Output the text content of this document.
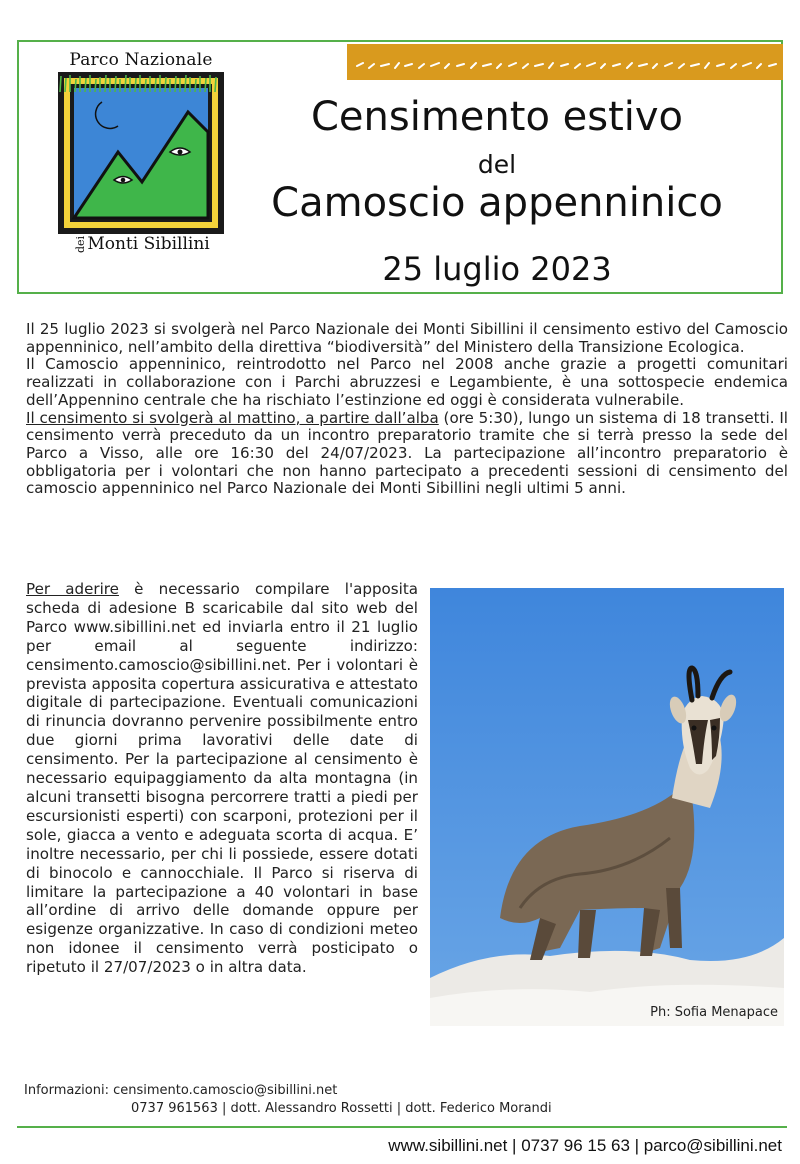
Parco Nazionale
deiMonti Sibillini
Censimento estivo
del
Camoscio appenninico
25 luglio 2023

Il 25 luglio 2023 si svolgerà nel Parco Nazionale dei Monti Sibillini il censimento estivo del Camoscio appenninico, nell’ambito della direttiva “biodiversità” del Ministero della Transizione Ecologica.

Il Camoscio appenninico, reintrodotto nel Parco nel 2008 anche grazie a progetti comunitari realizzati in collaborazione con i Parchi abruzzesi e Legambiente, è una sottospecie endemica dell’Appennino centrale che ha rischiato l’estinzione ed oggi è considerata vulnerabile.

Il censimento si svolgerà al mattino, a partire dall’alba (ore 5:30), lungo un sistema di 18 transetti. Il censimento verrà preceduto da un incontro preparatorio tramite che si terrà presso la sede del Parco a Visso, alle ore 16:30 del 24/07/2023. La partecipazione all’incontro preparatorio è obbligatoria per i volontari che non hanno partecipato a precedenti sessioni di censimento del camoscio appenninico nel Parco Nazionale dei Monti Sibillini negli ultimi 5 anni.

Per aderire è necessario compilare l'apposita scheda di adesione B scaricabile dal sito web del Parco www.sibillini.net ed inviarla entro il 21 luglio per email al seguente indirizzo: censimento.camoscio@sibillini.net. Per i volontari è prevista apposita copertura assicurativa e attestato digitale di partecipazione. Eventuali comunicazioni di rinuncia dovranno pervenire possibilmente entro due giorni prima lavorativi delle date di censimento. Per la partecipazione al censimento è necessario equipaggiamento da alta montagna (in alcuni transetti bisogna percorrere tratti a piedi per escursionisti esperti) con scarponi, protezioni per il sole, giacca a vento e adeguata scorta di acqua. E’ inoltre necessario, per chi li possiede, essere dotati di binocolo e cannocchiale. Il Parco si riserva di limitare la partecipazione a 40 volontari in base all’ordine di arrivo delle domande oppure per esigenze organizzative. In caso di condizioni meteo non idonee il censimento verrà posticipato o ripetuto il 27/07/2023 o in altra data.

Ph: Sofia Menapace
Informazioni: censimento.camoscio@sibillini.net
0737 961563 | dott. Alessandro Rossetti | dott. Federico Morandi
www.sibillini.net | 0737 96 15 63 | parco@sibillini.net
